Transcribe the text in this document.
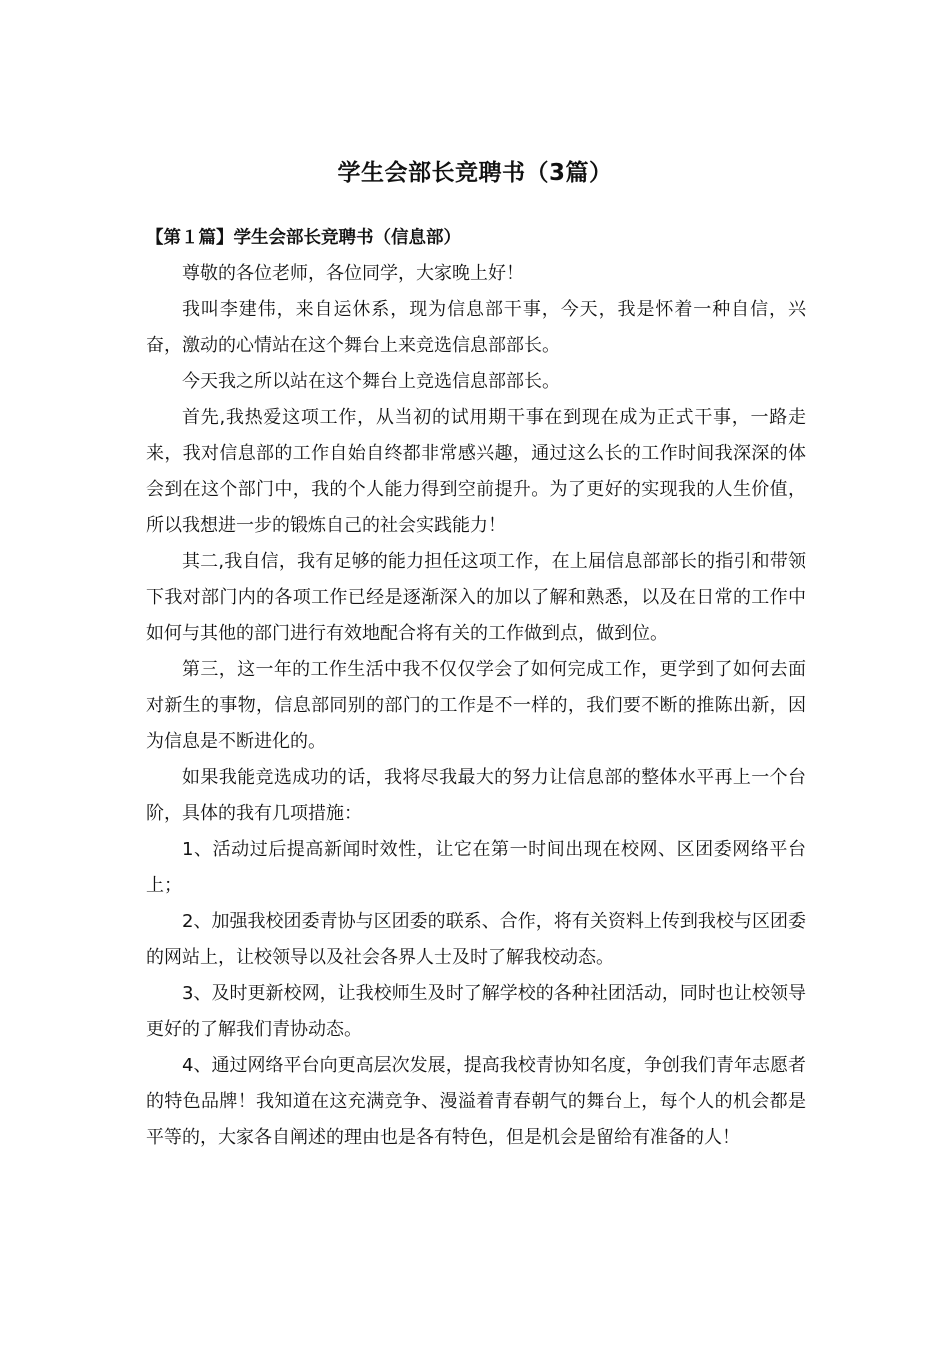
学生会部长竞聘书（3篇）

【第１篇】学生会部长竞聘书（信息部）

尊敬的各位老师，各位同学，大家晚上好！

我叫李建伟，来自运休系，现为信息部干事，今天，我是怀着一种自信，兴奋，激动的心情站在这个舞台上来竞选信息部部长。

今天我之所以站在这个舞台上竞选信息部部长。

首先,我热爱这项工作，从当初的试用期干事在到现在成为正式干事，一路走来，我对信息部的工作自始自终都非常感兴趣，通过这么长的工作时间我深深的体会到在这个部门中，我的个人能力得到空前提升。为了更好的实现我的人生价值，所以我想进一步的锻炼自己的社会实践能力！

其二,我自信，我有足够的能力担任这项工作，在上届信息部部长的指引和带领下我对部门内的各项工作已经是逐渐深入的加以了解和熟悉，以及在日常的工作中如何与其他的部门进行有效地配合将有关的工作做到点，做到位。

第三，这一年的工作生活中我不仅仅学会了如何完成工作，更学到了如何去面对新生的事物，信息部同别的部门的工作是不一样的，我们要不断的推陈出新，因为信息是不断进化的。

如果我能竞选成功的话，我将尽我最大的努力让信息部的整体水平再上一个台阶，具体的我有几项措施：

1、活动过后提高新闻时效性，让它在第一时间出现在校网、区团委网络平台上；

2、加强我校团委青协与区团委的联系、合作，将有关资料上传到我校与区团委的网站上，让校领导以及社会各界人士及时了解我校动态。

3、及时更新校网，让我校师生及时了解学校的各种社团活动，同时也让校领导更好的了解我们青协动态。

4、通过网络平台向更高层次发展，提高我校青协知名度，争创我们青年志愿者的特色品牌！我知道在这充满竞争、漫溢着青春朝气的舞台上，每个人的机会都是平等的，大家各自阐述的理由也是各有特色，但是机会是留给有准备的人！
